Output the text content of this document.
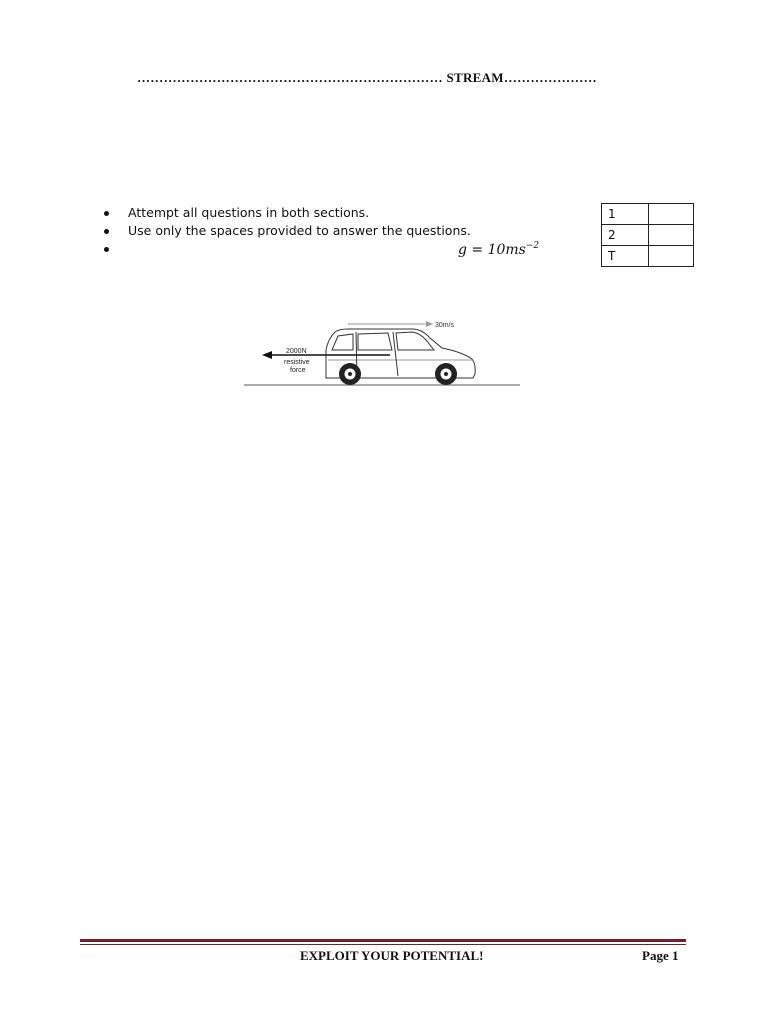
…………………………………………………………… STREAM…………………
Attempt all questions in both sections.
Use only the spaces provided to answer the questions.
$g = 10ms^{-2}$
1	
2	
T	
30m/s
2000N
resistive
force
EXPLOIT YOUR POTENTIAL!	Page 1
